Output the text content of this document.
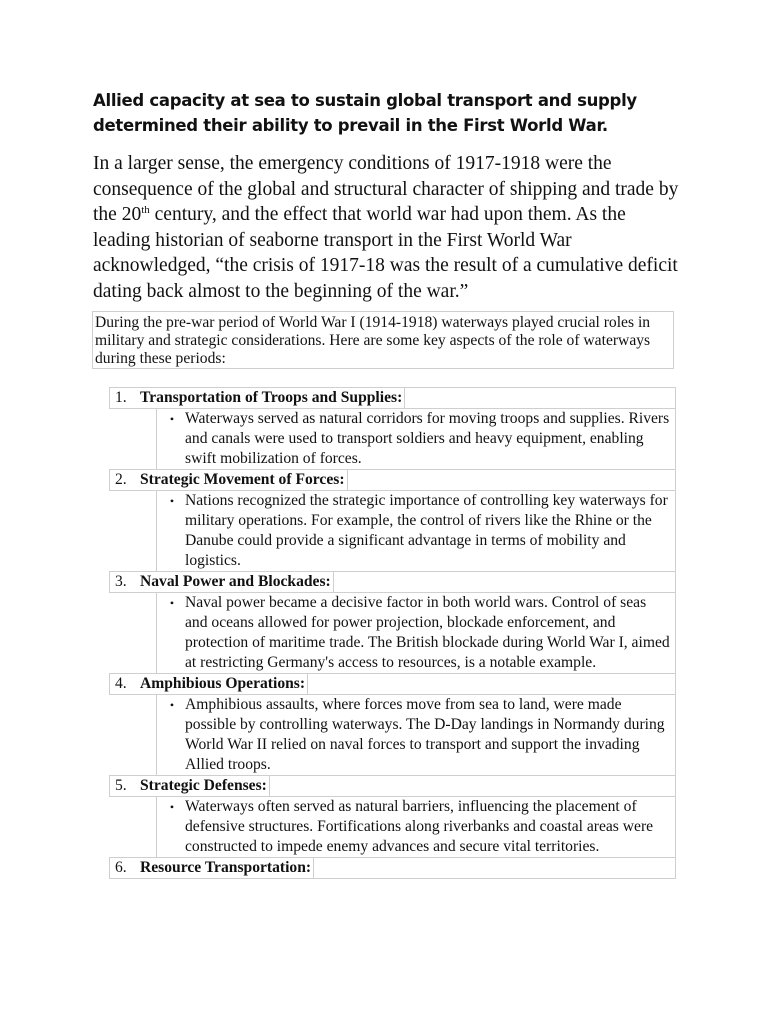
Allied capacity at sea to sustain global transport and supply determined their ability to prevail in the First World War.

In a larger sense, the emergency conditions of 1917-1918 were the consequence of the global and structural character of shipping and trade by the 20th century, and the effect that world war had upon them. As the leading historian of seaborne transport in the First World War acknowledged, “the crisis of 1917-18 was the result of a cumulative deficit dating back almost to the beginning of the war.”

During the pre-war period of World War I (1914-1918) waterways played crucial roles in military and strategic considerations. Here are some key aspects of the role of waterways during these periods:

1. Transportation of Troops and Supplies:
• Waterways served as natural corridors for moving troops and supplies. Rivers and canals were used to transport soldiers and heavy equipment, enabling swift mobilization of forces.
2. Strategic Movement of Forces:
• Nations recognized the strategic importance of controlling key waterways for military operations. For example, the control of rivers like the Rhine or the Danube could provide a significant advantage in terms of mobility and logistics.
3. Naval Power and Blockades:
• Naval power became a decisive factor in both world wars. Control of seas and oceans allowed for power projection, blockade enforcement, and protection of maritime trade. The British blockade during World War I, aimed at restricting Germany's access to resources, is a notable example.
4. Amphibious Operations:
• Amphibious assaults, where forces move from sea to land, were made possible by controlling waterways. The D-Day landings in Normandy during World War II relied on naval forces to transport and support the invading Allied troops.
5. Strategic Defenses:
• Waterways often served as natural barriers, influencing the placement of defensive structures. Fortifications along riverbanks and coastal areas were constructed to impede enemy advances and secure vital territories.
6. Resource Transportation:
